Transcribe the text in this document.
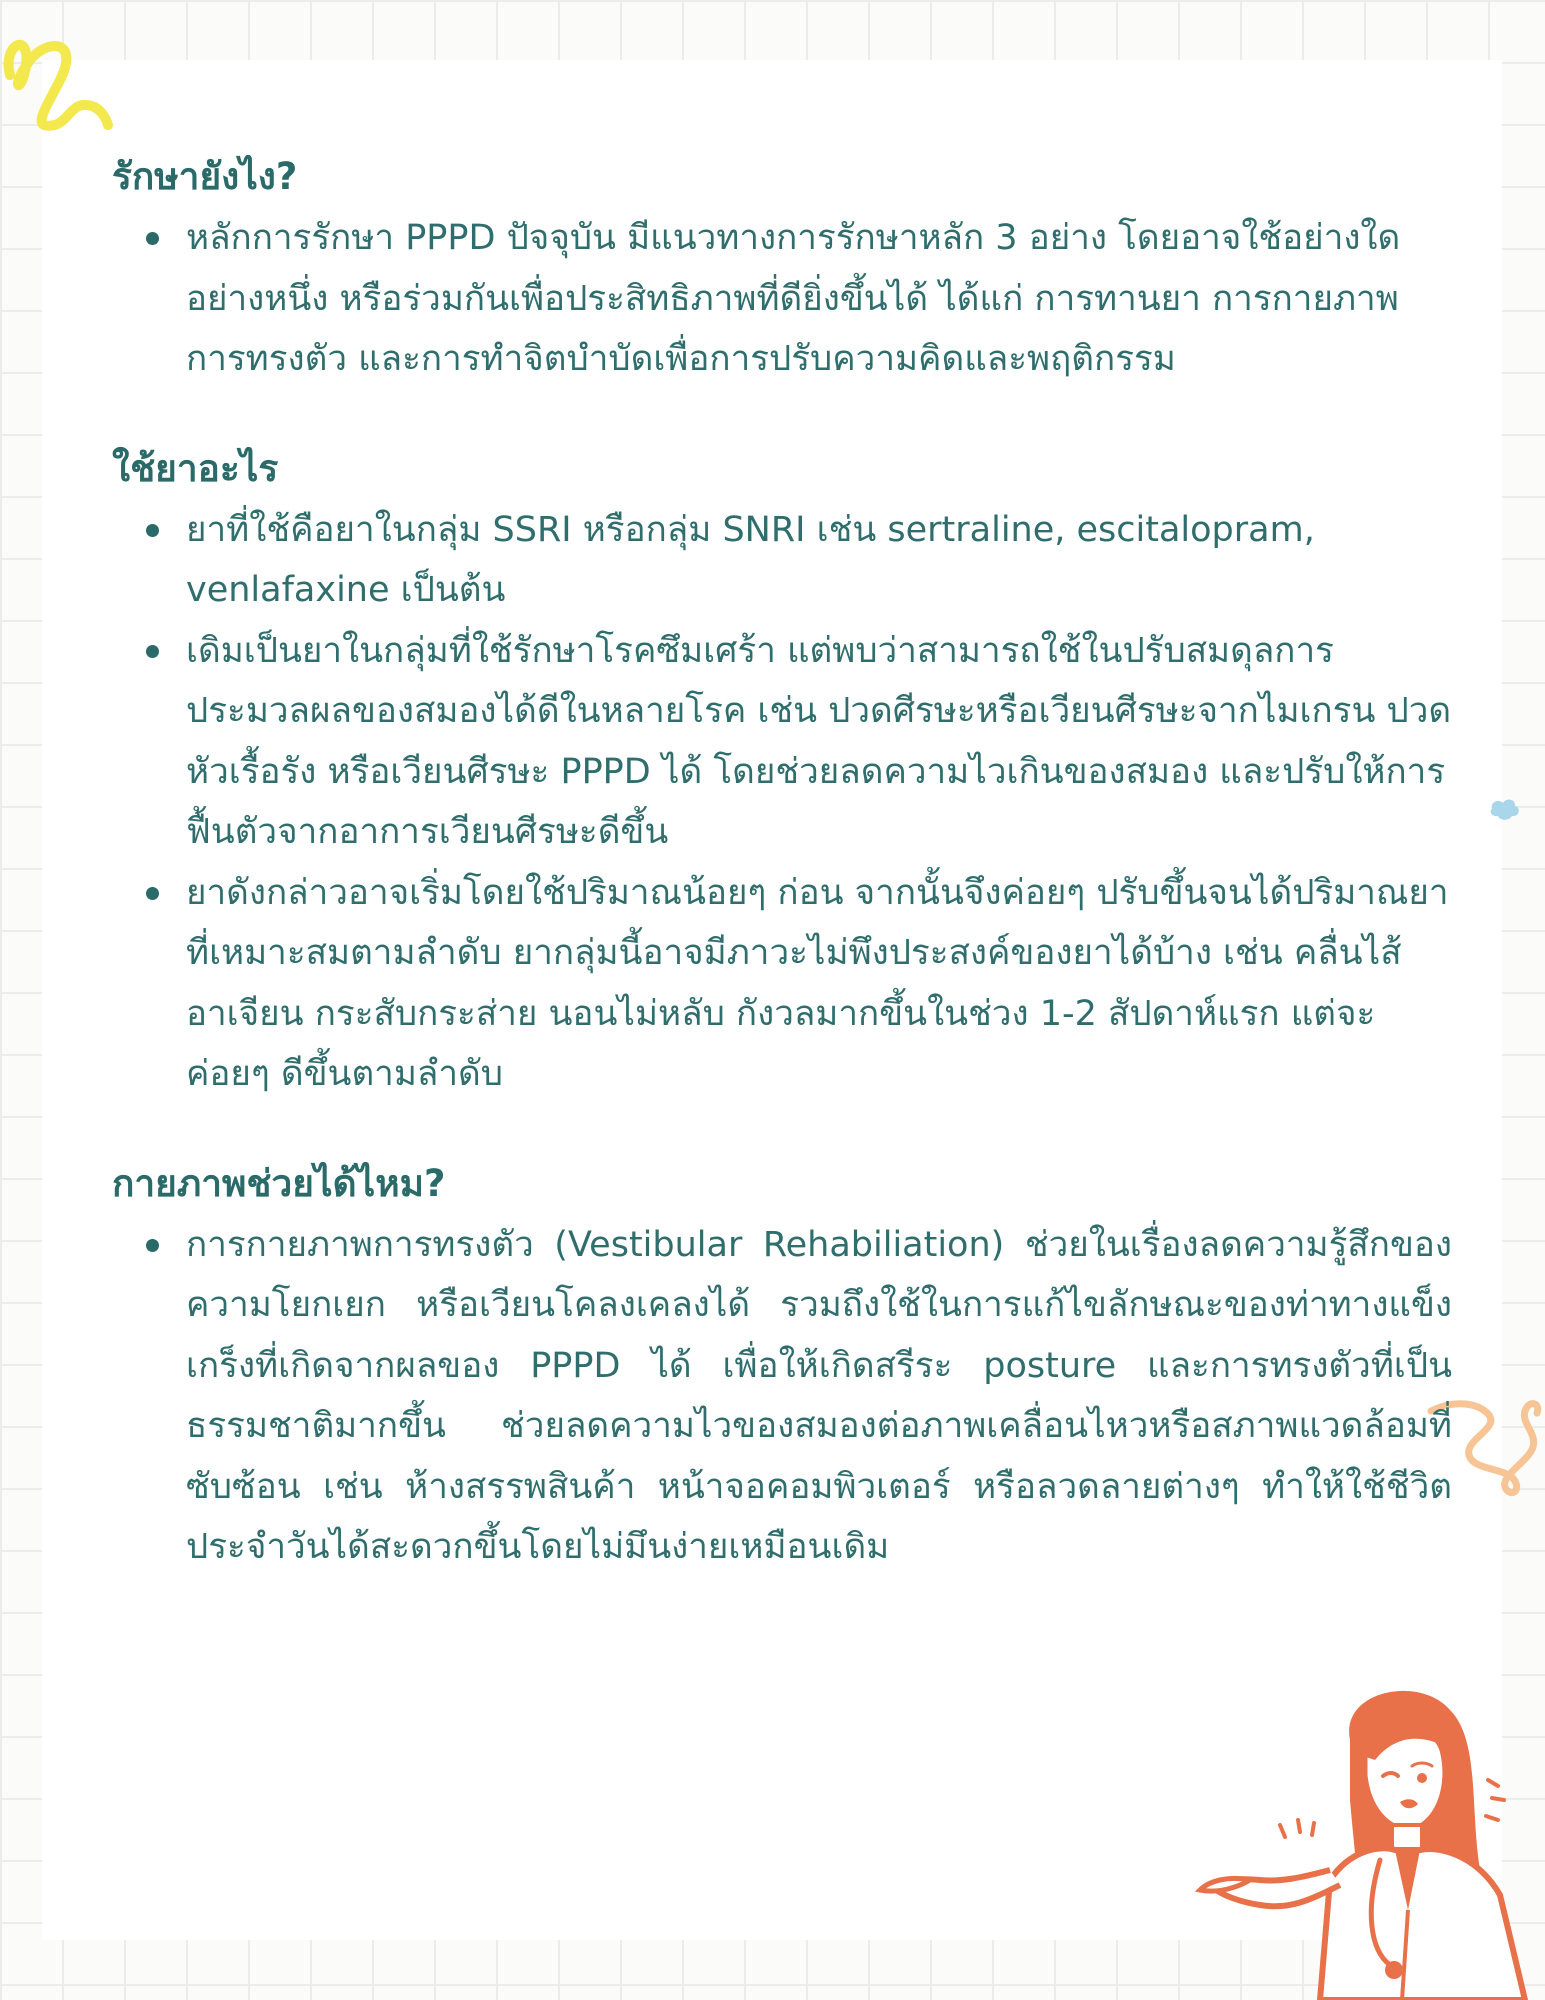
รักษายังไง?
หลักการรักษา PPPD ปัจจุบัน มีแนวทางการรักษาหลัก 3 อย่าง โดยอาจใช้อย่างใดอย่างหนึ่ง หรือร่วมกันเพื่อประสิทธิภาพที่ดียิ่งขึ้นได้ ได้แก่ การทานยา การกายภาพการทรงตัว และการทำจิตบำบัดเพื่อการปรับความคิดและพฤติกรรม
ใช้ยาอะไร
ยาที่ใช้คือยาในกลุ่ม SSRI หรือกลุ่ม SNRI เช่น sertraline, escitalopram, venlafaxine เป็นต้น
เดิมเป็นยาในกลุ่มที่ใช้รักษาโรคซึมเศร้า แต่พบว่าสามารถใช้ในปรับสมดุลการประมวลผลของสมองได้ดีในหลายโรค เช่น ปวดศีรษะหรือเวียนศีรษะจากไมเกรน ปวดหัวเรื้อรัง หรือเวียนศีรษะ PPPD ได้ โดยช่วยลดความไวเกินของสมอง และปรับให้การฟื้นตัวจากอาการเวียนศีรษะดีขึ้น
ยาดังกล่าวอาจเริ่มโดยใช้ปริมาณน้อยๆ ก่อน จากนั้นจึงค่อยๆ ปรับขึ้นจนได้ปริมาณยาที่เหมาะสมตามลำดับ ยากลุ่มนี้อาจมีภาวะไม่พึงประสงค์ของยาได้บ้าง เช่น คลื่นไส้ อาเจียน กระสับกระส่าย นอนไม่หลับ กังวลมากขึ้นในช่วง 1-2 สัปดาห์แรก แต่จะค่อยๆ ดีขึ้นตามลำดับ
กายภาพช่วยได้ไหม?
การกายภาพการทรงตัว (Vestibular Rehabiliation) ช่วยในเรื่องลดความรู้สึกของความโยกเยก หรือเวียนโคลงเคลงได้ รวมถึงใช้ในการแก้ไขลักษณะของท่าทางแข็งเกร็งที่เกิดจากผลของ PPPD ได้ เพื่อให้เกิดสรีระ posture และการทรงตัวที่เป็นธรรมชาติมากขึ้น ช่วยลดความไวของสมองต่อภาพเคลื่อนไหวหรือสภาพแวดล้อมที่ซับซ้อน เช่น ห้างสรรพสินค้า หน้าจอคอมพิวเตอร์ หรือลวดลายต่างๆ ทำให้ใช้ชีวิตประจำวันได้สะดวกขึ้นโดยไม่มึนง่ายเหมือนเดิม
